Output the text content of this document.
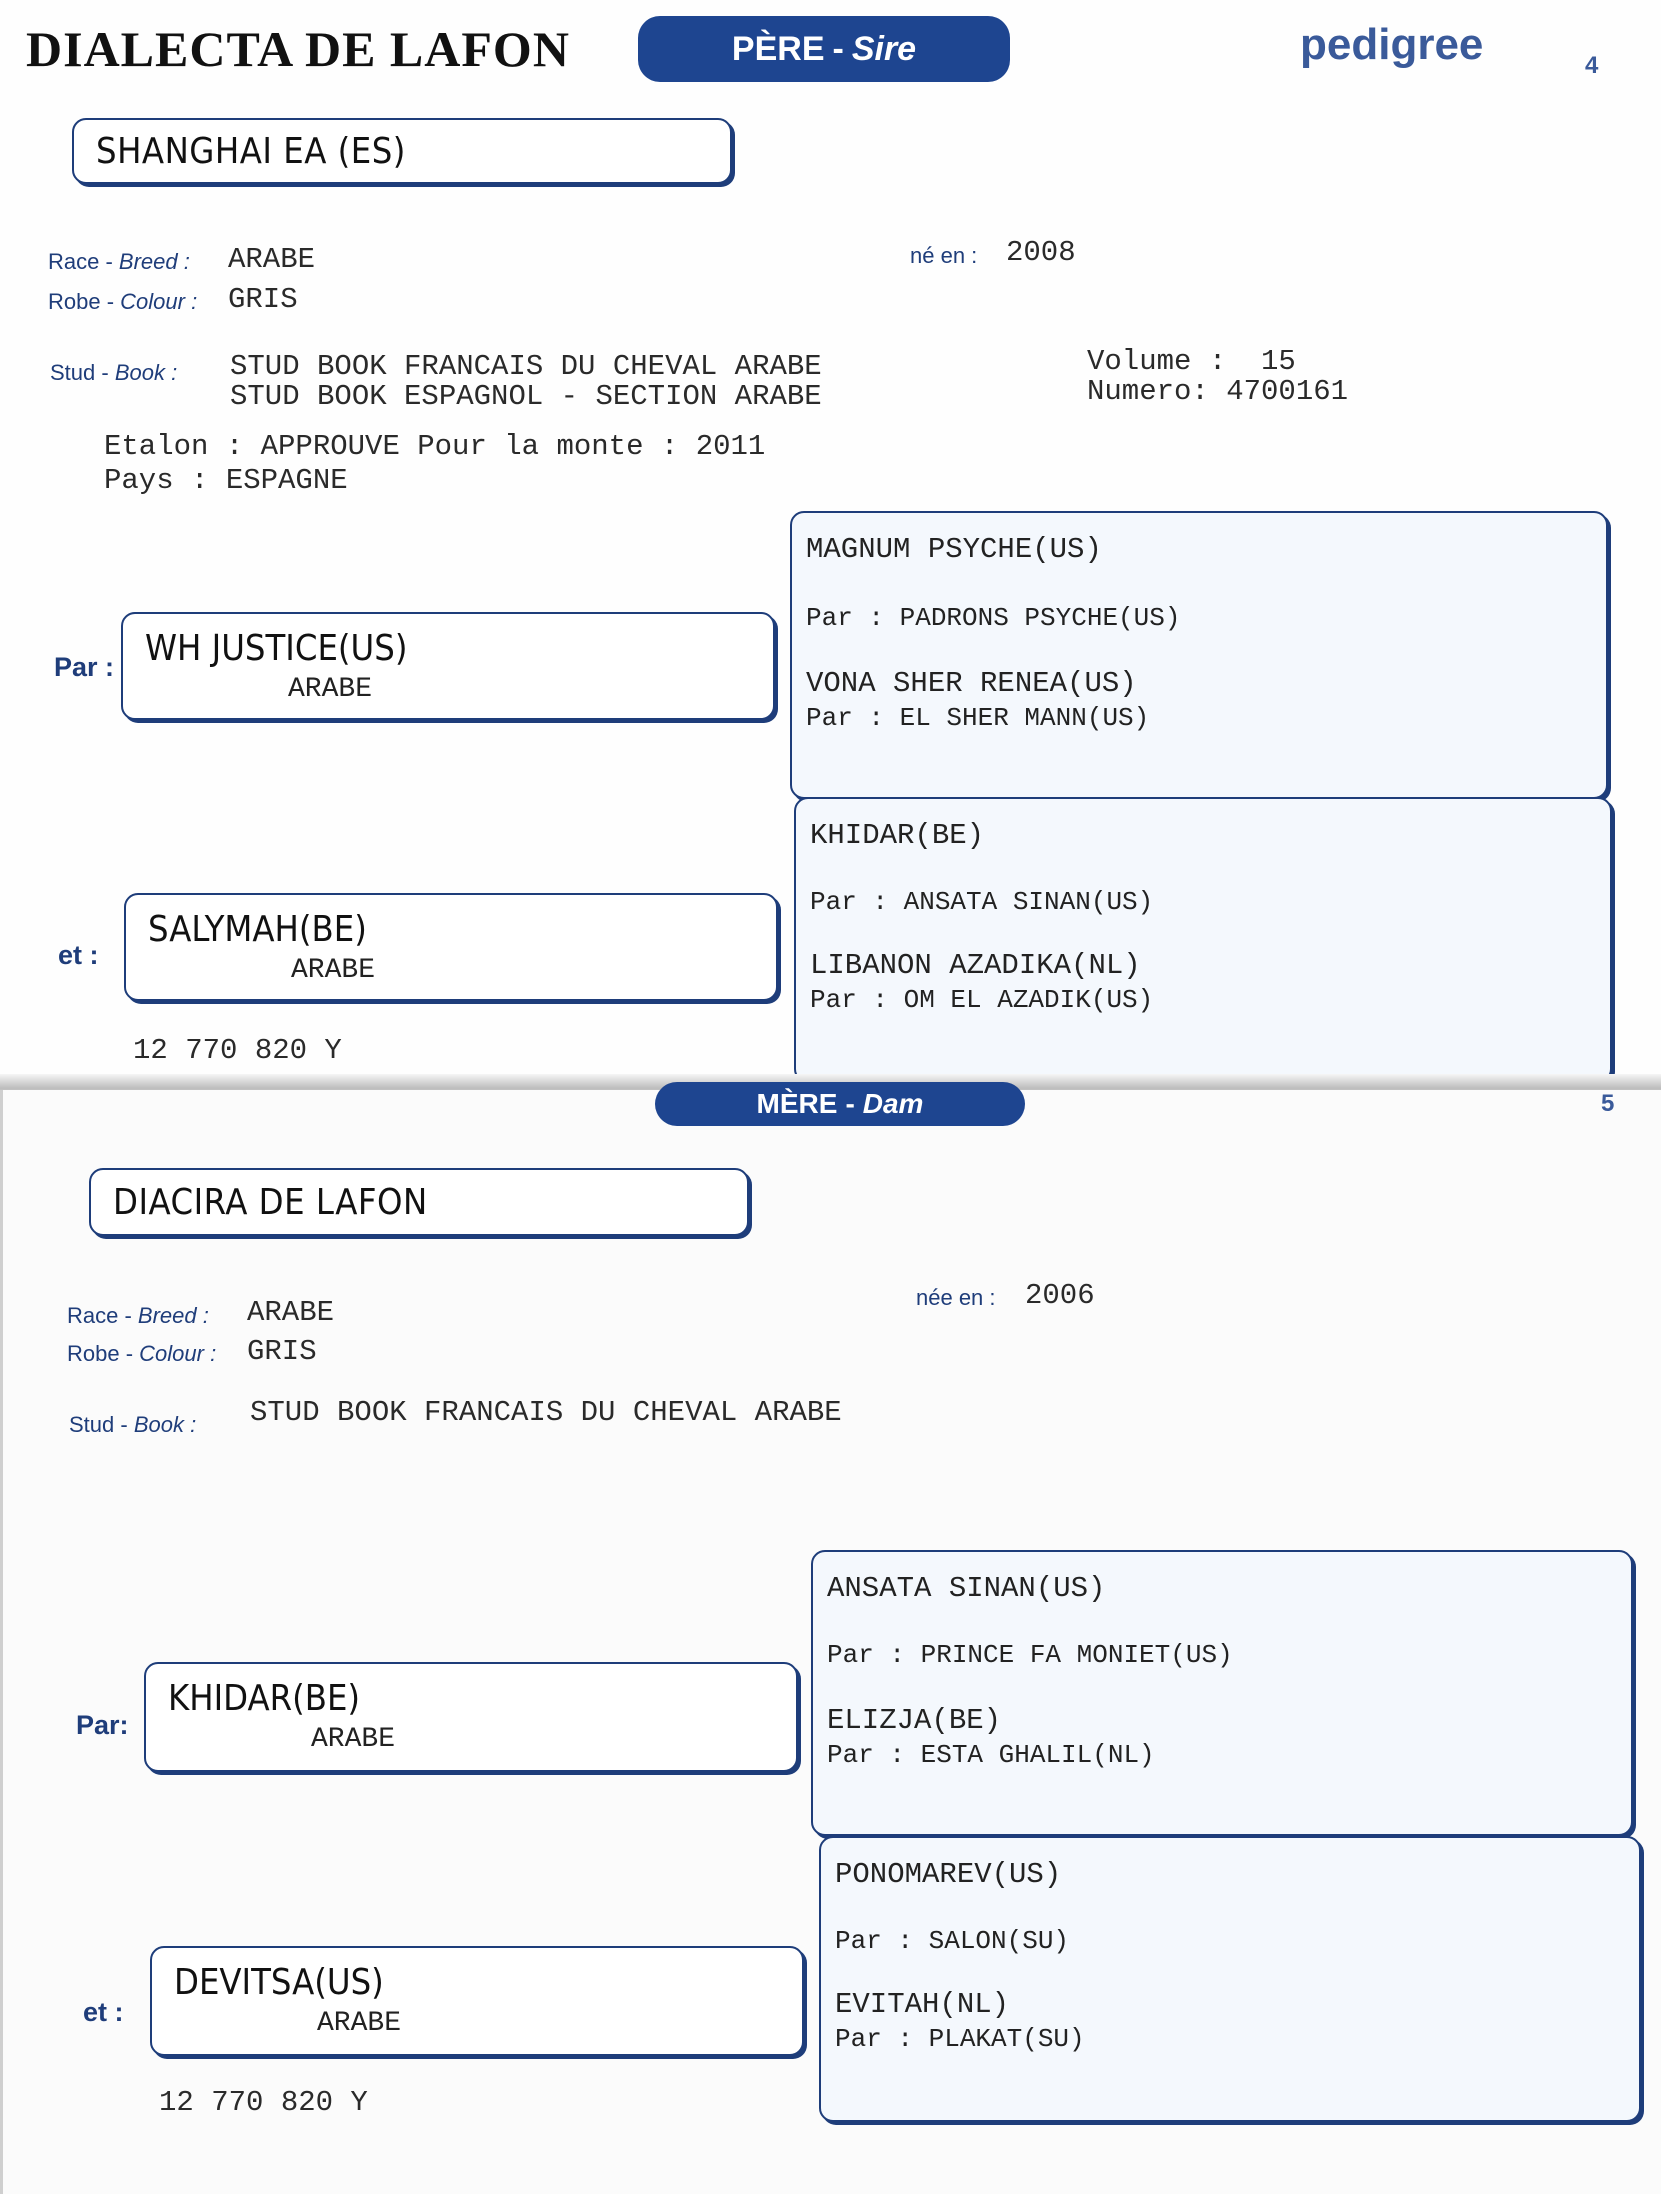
DIALECTA DE LAFON	PÈRE - Sire	pedigree	4
SHANGHAI EA (ES)
Race - Breed : ARABE
Robe - Colour : GRIS
né en : 2008
Stud - Book : STUD BOOK FRANCAIS DU CHEVAL ARABE
STUD BOOK ESPAGNOL - SECTION ARABE
Volume :  15
Numero: 4700161
Etalon : APPROUVE Pour la monte : 2011
Pays : ESPAGNE
Par :
et :
WH JUSTICE(US)
ARABE
SALYMAH(BE)
ARABE
MAGNUM PSYCHE(US)
Par : PADRONS PSYCHE(US)
VONA SHER RENEA(US)
Par : EL SHER MANN(US)
KHIDAR(BE)
Par : ANSATA SINAN(US)
LIBANON AZADIKA(NL)
Par : OM EL AZADIK(US)
12 770 820 Y
MÈRE - Dam	5
DIACIRA DE LAFON
Race - Breed : ARABE
Robe - Colour : GRIS
née en : 2006
Stud - Book : STUD BOOK FRANCAIS DU CHEVAL ARABE
Par:
et :
KHIDAR(BE)
ARABE
DEVITSA(US)
ARABE
ANSATA SINAN(US)
Par : PRINCE FA MONIET(US)
ELIZJA(BE)
Par : ESTA GHALIL(NL)
PONOMAREV(US)
Par : SALON(SU)
EVITAH(NL)
Par : PLAKAT(SU)
12 770 820 Y
